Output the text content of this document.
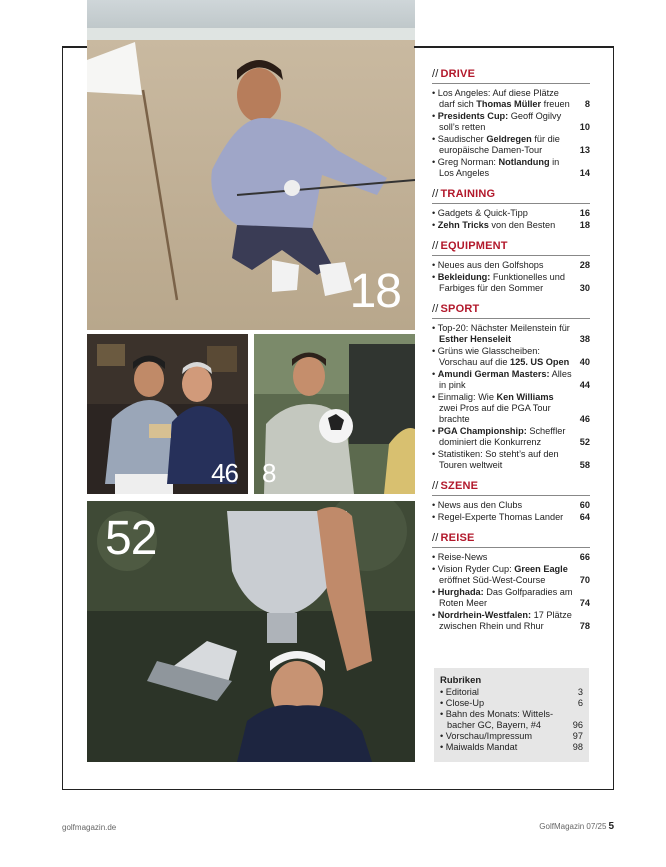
18
46 8
52
// DRIVE
• Los Angeles: Auf diese Plätze darf sich Thomas Müller freuen	8
• Presidents Cup: Geoff Ogilvy soll’s retten	10
• Saudischer Geldregen für die europäische Damen-Tour	13
• Greg Norman: Notlandung in Los Angeles	14
// TRAINING
• Gadgets & Quick-Tipp	16
• Zehn Tricks von den Besten	18
// EQUIPMENT
• Neues aus den Golfshops	28
• Bekleidung: Funktionelles und Farbiges für den Sommer	30
// SPORT
• Top-20: Nächster Meilenstein für Esther Henseleit	38
• Grüns wie Glasscheiben: Vorschau auf die 125. US Open	40
• Amundi German Masters: Alles in pink	44
• Einmalig: Wie Ken Williams zwei Pros auf die PGA Tour brachte	46
• PGA Championship: Scheffler dominiert die Konkurrenz	52
• Statistiken: So steht’s auf den Touren weltweit	58
// SZENE
• News aus den Clubs	60
• Regel-Experte Thomas Lander	64
// REISE
• Reise-News	66
• Vision Ryder Cup: Green Eagle eröffnet Süd-West-Course	70
• Hurghada: Das Golfparadies am Roten Meer	74
• Nordrhein-Westfalen: 17 Plätze zwischen Rhein und Rhur	78
Rubriken
• Editorial	3
• Close-Up	6
• Bahn des Monats: Wittels-bacher GC, Bayern, #4	96
• Vorschau/Impressum	97
• Maiwalds Mandat	98
golfmagazin.de	GolfMagazin 07/25 5
